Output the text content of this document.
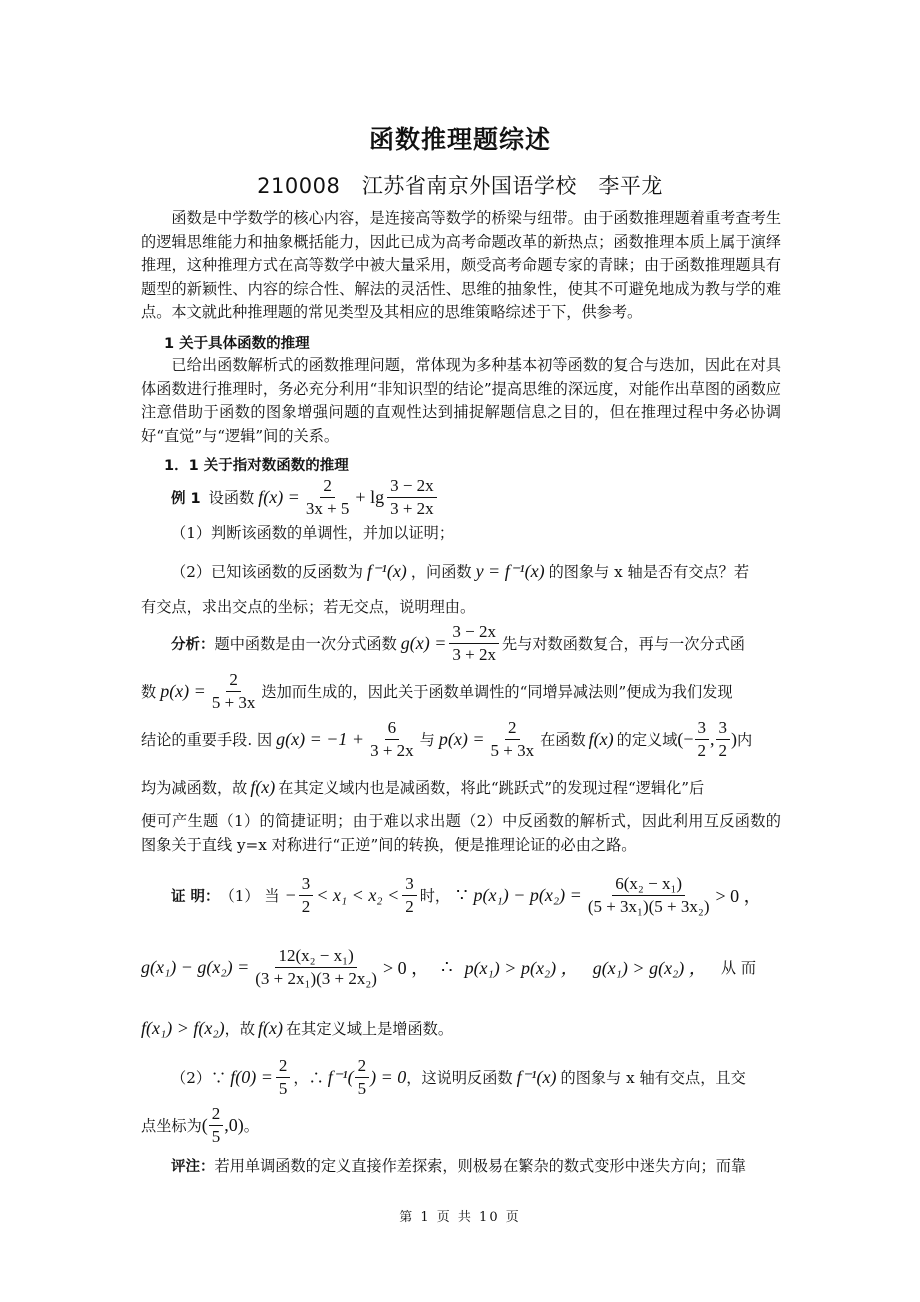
函数推理题综述
210008　江苏省南京外国语学校　李平龙

函数是中学数学的核心内容，是连接高等数学的桥梁与纽带。由于函数推理题着重考查考生的逻辑思维能力和抽象概括能力，因此已成为高考命题改革的新热点；函数推理本质上属于演绎推理，这种推理方式在高等数学中被大量采用，颇受高考命题专家的青睐；由于函数推理题具有题型的新颖性、内容的综合性、解法的灵活性、思维的抽象性，使其不可避免地成为教与学的难点。本文就此种推理题的常见类型及其相应的思维策略综述于下，供参考。

1 关于具体函数的推理

已给出函数解析式的函数推理问题，常体现为多种基本初等函数的复合与迭加，因此在对具体函数进行推理时，务必充分利用“非知识型的结论”提高思维的深远度，对能作出草图的函数应注意借助于函数的图象增强问题的直观性达到捕捉解题信息之目的，但在推理过程中务必协调好“直觉”与“逻辑”间的关系。

1．1 关于指对数函数的推理

例 1 设函数 $f(x) = \frac{2}{3x + 5} + \lg \frac{3 - 2x}{3 + 2x}$

（1）判断该函数的单调性，并加以证明；

（2）已知该函数的反函数为 f⁻¹(x) ，问函数 y = f⁻¹(x) 的图象与 x 轴是否有交点？若

有交点，求出交点的坐标；若无交点，说明理由。

分析： 题中函数是由一次分式函数 $g(x) = \frac{3 - 2x}{3 + 2x}$ 先与对数函数复合，再与一次分式函
数 $p(x) = \frac{2}{5 + 3x}$ 迭加而生成的，因此关于函数单调性的“同增异减法则”便成为我们发现
结论的重要手段. 因 $g(x) = -1 + \frac{6}{3 + 2x}$ 与 $p(x) = \frac{2}{5 + 3x}$ 在函数 f(x) 的定义域 (− $\frac{3}{2}$ , $\frac{3}{2}$ ) 内
均为减函数，故 f(x) 在其定义域内也是减函数，将此“跳跃式”的发现过程“逻辑化”后

便可产生题（1）的简捷证明；由于难以求出题（2）中反函数的解析式，因此利用互反函数的图象关于直线 y=x 对称进行“正逆”间的转换，便是推理论证的必由之路。

证 明： （1） 当 − $\frac{3}{2} < x_1 < x_2 < \frac{3}{2}$ 时， ∵ $p(x_1) - p(x_2) = \frac{\text{6(x₂ − x₁)}}{\text{(5 + 3x₁)(5 + 3x₂)}} > 0$ ，
$g(x_1) - g(x_2) = \frac{\text{12(x₂ − x₁)}}{\text{(3 + 2x₁)(3 + 2x₂)}} > 0$ ， ∴ p(x₁) > p(x₂) ， g(x₁) > g(x₂) ， 从 而
f(x₁) > f(x₂) ，故 f(x) 在其定义域上是增函数。
（2）∵ $f(0) = \frac{2}{5}$ ，∴ $f^{-1}( \frac{2}{5}$ ) = 0 ，这说明反函数 f⁻¹(x) 的图象与 x 轴有交点，且交
点坐标为 ( $\frac{2}{5} ,0$) 。
评注： 若用单调函数的定义直接作差探索，则极易在繁杂的数式变形中迷失方向；而靠
第 1 页 共 10 页
